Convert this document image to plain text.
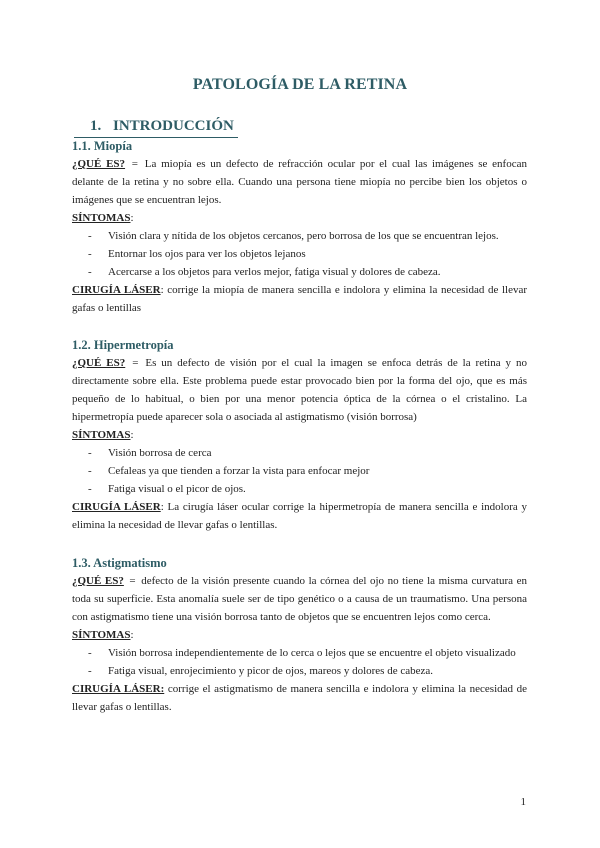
PATOLOGÍA DE LA RETINA
1. INTRODUCCIÓN
1.1. Miopía

¿QUÉ ES? = La miopía es un defecto de refracción ocular por el cual las imágenes se enfocan delante de la retina y no sobre ella. Cuando una persona tiene miopía no percibe bien los objetos o imágenes que se encuentran lejos.

SÍNTOMAS:

- Visión clara y nítida de los objetos cercanos, pero borrosa de los que se encuentran lejos.
- Entornar los ojos para ver los objetos lejanos
- Acercarse a los objetos para verlos mejor, fatiga visual y dolores de cabeza.

CIRUGÍA LÁSER: corrige la miopía de manera sencilla e indolora y elimina la necesidad de llevar gafas o lentillas

1.2. Hipermetropía

¿QUÉ ES? = Es un defecto de visión por el cual la imagen se enfoca detrás de la retina y no directamente sobre ella. Este problema puede estar provocado bien por la forma del ojo, que es más pequeño de lo habitual, o bien por una menor potencia óptica de la córnea o el cristalino. La hipermetropía puede aparecer sola o asociada al astigmatismo (visión borrosa)

SÍNTOMAS:

- Visión borrosa de cerca
- Cefaleas ya que tienden a forzar la vista para enfocar mejor
- Fatiga visual o el picor de ojos.

CIRUGÍA LÁSER: La cirugía láser ocular corrige la hipermetropía de manera sencilla e indolora y elimina la necesidad de llevar gafas o lentillas.

1.3. Astigmatismo

¿QUÉ ES? = defecto de la visión presente cuando la córnea del ojo no tiene la misma curvatura en toda su superficie. Esta anomalía suele ser de tipo genético o a causa de un traumatismo. Una persona con astigmatismo tiene una visión borrosa tanto de objetos que se encuentren lejos como cerca.

SÍNTOMAS:

- Visión borrosa independientemente de lo cerca o lejos que se encuentre el objeto visualizado
- Fatiga visual, enrojecimiento y picor de ojos, mareos y dolores de cabeza.

CIRUGÍA LÁSER: corrige el astigmatismo de manera sencilla e indolora y elimina la necesidad de llevar gafas o lentillas.

1
